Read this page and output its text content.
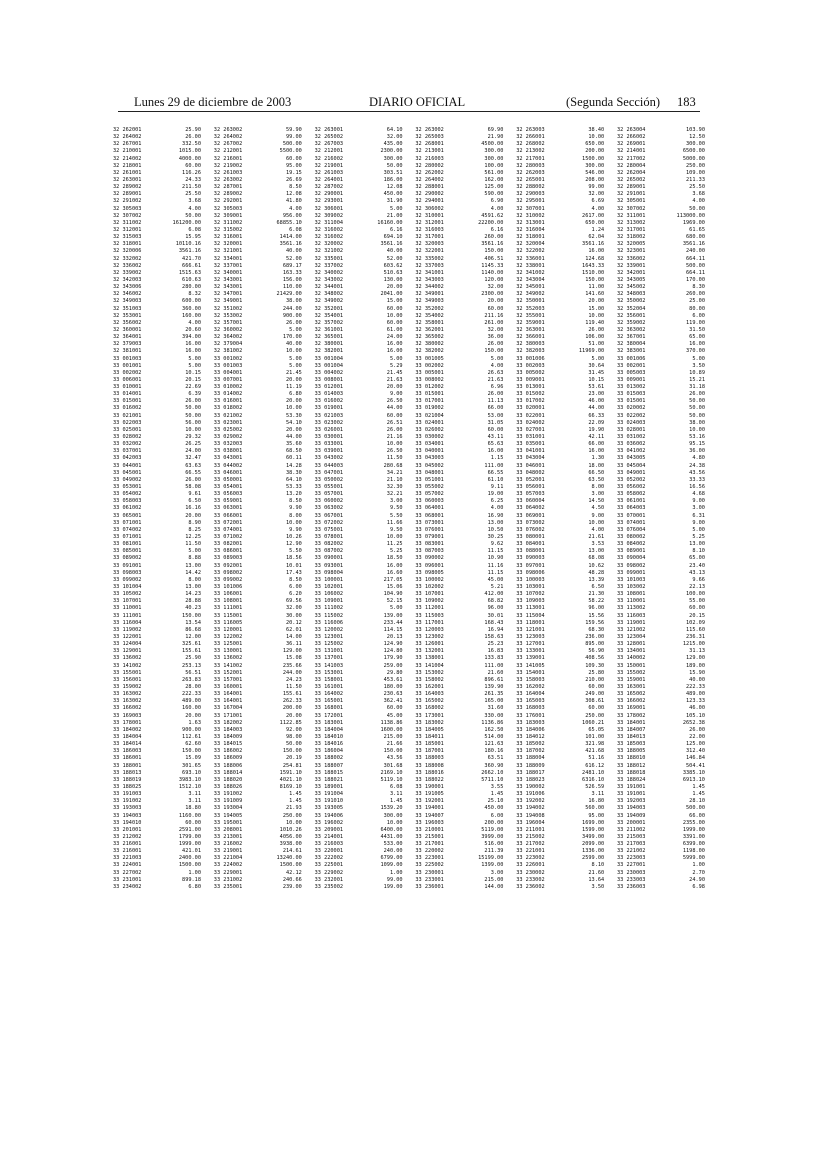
Lunes 29 de diciembre de 2003	DIARIO OFICIAL	(Segunda Sección) 183
32 262001	25.90
32 264002	26.00
32 267001	332.50
32 210001	1015.00
32 214002	4000.00
32 218001	60.00
32 261001	116.26
32 263001	24.33
32 289002	211.50
32 289001	25.50
32 291002	3.68
32 305003	4.00
32 307002	50.00
32 311002	161200.00
32 312001	6.08
32 315003	15.95
32 318001	10110.16
32 320006	3561.16
32 332002	421.70
32 336002	666.61
32 339002	1515.63
32 342003	610.63
32 343006	280.00
32 346002	8.32
32 349003	600.00
32 351003	360.00
32 353001	160.00
32 356002	4.00
32 360001	20.60
32 364001	394.00
32 379003	16.00
32 381001	16.00
33 001003	5.00
33 001001	5.00
33 002002	10.15
33 006001	20.15
33 010001	22.69
33 014001	6.39
33 015001	26.00
33 016002	50.00
33 021001	50.00
33 022003	56.00
33 025001	10.00
33 028002	29.32
33 032002	26.25
33 037001	24.00
33 042003	32.47
33 044001	63.63
33 045001	66.55
33 049002	26.00
33 053001	58.08
33 054002	9.61
33 058003	6.50
33 061002	16.16
33 065001	20.00
33 071001	8.90
33 074002	8.25
33 071001	12.25
33 081001	11.50
33 085001	5.00
33 089002	8.88
33 091001	13.00
33 098003	14.42
33 099002	8.00
33 101004	13.00
33 105002	14.23
33 107001	28.88
33 110001	40.23
33 111001	150.00
33 116004	13.54
33 119002	86.68
33 122001	12.00
33 124004	325.61
33 129001	155.61
33 136002	25.90
33 141002	253.13
33 155001	56.51
33 156001	263.83
33 159002	28.00
33 163002	222.33
33 163002	489.00
33 166002	160.00
33 169003	20.00
33 178001	1.63
33 184002	900.00
33 184004	112.61
33 184014	62.60
33 186003	150.00
33 186001	15.09
33 188001	301.65
33 188013	693.10
33 188019	3983.10
33 188025	1512.10
33 191003	3.11
33 191002	3.11
33 193003	18.80
33 194003	1160.00
33 194010	60.00
33 201001	2591.00
33 212002	1799.00
33 216001	1999.00
33 216001	421.01
33 221003	2400.00
33 224001	1500.00
33 227002	1.00
33 231001	899.18
33 234002	6.80
32 263002	59.90
32 264002	99.00
32 267002	500.00
32 212001	5500.00
32 216001	60.00
32 219002	95.00
32 261003	19.15
32 263002	26.69
32 287001	8.50
32 289002	12.08
32 292001	41.80
32 305003	4.00
32 309001	956.00
32 311002	68855.10
32 315002	6.08
32 316001	1414.00
32 320001	3561.16
32 321001	40.00
32 334001	52.00
32 337001	689.17
32 340001	163.33
32 343001	156.00
32 343001	110.00
32 347001	21429.00
32 349001	38.00
32 351002	244.00
32 353002	900.00
32 357001	26.00
32 360002	5.00
32 364002	170.00
32 379004	40.00
32 381002	10.00
33 001002	5.00
33 001003	5.00
33 004001	21.45
33 007001	20.00
33 010002	11.19
33 014002	6.80
33 016001	20.00
33 018002	10.00
33 021002	53.30
33 023001	54.10
33 025002	20.00
33 029002	44.00
33 032003	35.60
33 038001	68.50
33 043001	60.11
33 044002	14.28
33 046001	38.30
33 050001	64.10
33 054001	53.33
33 056003	13.20
33 059001	8.50
33 063001	9.90
33 066001	8.00
33 072001	10.00
33 074001	9.90
33 071002	10.26
33 082001	12.90
33 086001	5.50
33 089003	18.56
33 092001	10.01
33 098002	17.43
33 099002	8.50
33 101006	6.00
33 106001	6.20
33 108001	69.56
33 111001	32.00
33 115001	30.00
33 116005	20.12
33 120001	62.01
33 122002	14.00
33 125001	36.11
33 130001	129.00
33 136002	15.08
33 141002	235.66
33 152001	244.00
33 157001	24.23
33 160001	11.50
33 164001	155.61
33 164001	262.33
33 167004	200.00
33 171001	20.00
33 182002	1122.85
33 184003	92.00
33 184009	98.00
33 184015	50.00
33 186002	150.00
33 186009	20.19
33 188006	254.81
33 188014	1591.10
33 188020	4021.10
33 188026	8169.10
33 191002	1.45
33 191009	1.45
33 193004	21.93
33 194005	250.00
33 195001	10.00
33 208001	1010.26
33 213001	4056.00
33 216002	3938.00
33 219001	214.61
33 221004	13240.00
33 224002	1500.00
33 229001	42.12
33 231002	240.66
33 235001	239.00
32 263001	64.10
32 265002	32.00
32 267003	435.00
32 212001	2300.00
32 216002	300.00
32 219001	50.00
32 261003	303.51
32 264001	186.00
32 287002	12.08
32 290001	450.00
32 293001	31.90
32 306001	5.00
32 309002	21.00
32 311004	16160.00
32 316002	6.16
32 316002	694.10
32 320002	3561.16
32 321002	40.00
32 335001	52.00
32 337002	603.62
32 340002	510.63
32 343002	130.00
32 344001	20.00
32 348002	2041.00
32 349002	15.00
32 352001	60.00
32 354001	10.00
32 357002	60.00
32 361001	61.00
32 365001	24.00
32 380001	16.00
32 382001	16.00
33 001004	5.00
33 001004	5.29
33 004002	21.45
33 008001	21.63
33 012001	20.00
33 014003	9.00
33 016002	26.50
33 019001	44.00
33 021003	60.00
33 023002	26.51
33 026001	26.00
33 030001	21.16
33 033001	10.00
33 039001	26.50
33 043002	11.50
33 044003	280.68
33 047001	34.21
33 050002	21.10
33 055001	32.30
33 057001	32.21
33 060002	3.00
33 063002	9.50
33 067001	5.50
33 072002	11.66
33 075001	9.50
33 078001	10.00
33 082002	11.25
33 087002	5.25
33 090001	18.50
33 093001	16.00
33 098004	16.60
33 100001	217.05
33 102001	15.06
33 106002	104.90
33 109001	52.15
33 111002	5.00
33 115002	139.00
33 116006	233.44
33 120002	114.15
33 123001	20.13
33 125002	124.90
33 131001	124.80
33 137001	179.90
33 141003	259.00
33 153001	29.80
33 158001	453.61
33 161001	180.00
33 164002	230.63
33 165001	362.41
33 168001	60.00
33 172001	45.00
33 183001	1138.86
33 184004	1600.00
33 184010	215.00
33 184016	21.66
33 186004	150.00
33 188002	43.56
33 188007	301.68
33 188015	2169.10
33 188021	5119.10
33 189001	6.08
33 191004	3.11
33 191010	1.45
33 193005	1539.20
33 194006	300.00
33 196002	10.00
33 209001	6400.00
33 214001	4431.00
33 216003	533.00
33 220001	240.00
33 222002	6799.00
33 225001	1099.00
33 229002	1.00
33 232001	99.00
33 235002	199.00
32 263002	69.90
32 265003	21.90
32 268001	4500.00
32 213001	300.00
32 216003	300.00
32 280002	100.00
32 262002	561.00
32 264002	162.00
32 288001	125.00
32 290002	590.00
32 294001	6.90
32 306002	4.00
32 310001	4591.62
32 312001	22200.00
32 316003	6.16
32 317001	260.00
32 320003	3561.16
32 322001	150.00
32 335002	406.51
32 337003	1145.33
32 341001	1140.00
32 343003	120.00
32 344002	32.00
32 349001	2300.00
32 349003	20.00
32 352002	60.00
32 354002	211.16
32 358001	261.00
32 362001	32.00
32 365002	36.00
32 380002	26.00
32 382002	150.00
33 001005	5.00
33 002002	4.00
33 005001	26.63
33 008002	21.63
33 012002	6.96
33 015001	26.00
33 017001	11.13
33 019002	66.00
33 021004	53.00
33 024001	31.05
33 026002	60.00
33 030002	43.11
33 034001	65.63
33 040001	16.00
33 043003	1.15
33 045002	111.00
33 048001	66.55
33 051001	61.10
33 055002	9.11
33 057002	19.00
33 060003	6.25
33 064001	4.00
33 068001	16.90
33 073001	13.00
33 076001	10.50
33 079001	30.25
33 083001	9.62
33 087003	11.15
33 090002	10.90
33 096001	11.16
33 098005	11.15
33 100002	45.00
33 102002	5.21
33 107001	412.00
33 109002	68.82
33 112001	96.00
33 115003	30.01
33 117001	168.43
33 120003	16.94
33 123002	158.63
33 126001	25.23
33 132001	16.83
33 138001	133.83
33 141004	111.00
33 153002	21.60
33 158002	896.61
33 162001	139.90
33 164003	261.35
33 165002	165.00
33 168002	31.60
33 173001	330.00
33 183002	1136.86
33 184005	162.50
33 184011	514.00
33 185001	121.63
33 187001	180.16
33 188003	63.51
33 188008	360.90
33 188016	2662.10
33 188022	5711.10
33 190001	3.55
33 191005	1.45
33 192001	25.10
33 194001	450.00
33 194007	6.00
33 196003	200.00
33 210001	5119.00
33 215001	3999.00
33 217001	516.00
33 220002	211.39
33 223001	15199.00
33 225002	1399.00
33 230001	3.00
33 233001	215.00
33 236001	144.00
32 263003	38.40
32 266001	10.00
32 268002	650.00
32 213002	200.00
32 217001	1500.00
32 280003	300.00
32 262003	546.00
32 265001	208.00
32 288002	99.00
32 290003	32.00
32 295001	6.69
32 307001	4.00
32 310002	2617.00
32 313001	650.00
32 316004	1.24
32 318001	62.04
32 320004	3561.16
32 322002	16.00
32 336001	124.68
32 338001	1643.33
32 341002	1510.00
32 343004	150.00
32 345001	11.00
32 349002	141.60
32 350001	20.00
32 352003	15.00
32 355001	10.00
32 359001	119.40
32 363001	26.00
32 366001	106.00
32 380003	51.00
32 382003	11969.00
33 001006	5.00
33 002003	30.64
33 005002	31.45
33 009001	10.15
33 013001	53.61
33 015002	23.00
33 017002	46.00
33 020001	44.00
33 022001	66.33
33 024002	22.09
33 027001	19.90
33 031001	42.11
33 035001	66.00
33 041001	16.00
33 043004	1.30
33 046001	18.00
33 048002	66.50
33 052001	63.50
33 056001	8.00
33 057003	3.00
33 060004	14.50
33 064002	4.50
33 069001	9.00
33 073002	10.00
33 076002	4.00
33 080001	21.61
33 084001	3.53
33 088001	13.00
33 090003	68.08
33 097001	10.62
33 098006	48.28
33 100003	13.39
33 103001	6.50
33 107002	21.30
33 109003	58.22
33 113001	96.00
33 115004	15.56
33 118001	159.56
33 121001	68.30
33 123003	236.00
33 127001	895.00
33 133001	56.90
33 139001	408.56
33 141005	109.30
33 154001	25.80
33 158003	210.00
33 162002	60.00
33 164004	249.00
33 165003	308.61
33 168003	60.00
33 176001	250.00
33 183003	1060.21
33 184006	65.05
33 184012	101.00
33 185002	321.98
33 187002	421.68
33 188004	51.16
33 188009	616.12
33 188017	2481.10
33 188023	6316.10
33 190002	526.59
33 191006	3.11
33 192002	16.80
33 194002	560.00
33 194008	95.00
33 196004	1699.00
33 211001	1599.00
33 215002	3499.00
33 217002	2099.00
33 221001	1336.00
33 223002	2599.00
33 226001	8.10
33 230002	21.60
33 233002	13.64
33 236002	3.50
32 263004	103.90
32 266002	12.50
32 269001	300.00
32 214001	6500.00
32 217002	5000.00
32 280004	250.00
32 262004	109.00
32 265002	211.33
32 289001	25.50
32 291001	3.68
32 305001	4.00
32 307002	50.00
32 311001	113000.00
32 313002	1969.00
32 317001	61.65
32 318002	680.00
32 320005	3561.16
32 323001	240.00
32 336002	664.11
32 339001	500.00
32 342001	664.11
32 343005	170.00
32 345002	8.30
32 348003	260.00
32 350002	25.00
32 352004	80.00
32 356001	6.00
32 359002	119.00
32 363002	31.50
32 367001	65.00
32 380004	16.00
32 383001	370.00
33 001006	5.00
33 002001	3.50
33 005003	10.89
33 009001	15.21
33 013002	31.18
33 015003	26.00
33 015001	50.00
33 020002	50.00
33 022002	50.00
33 024003	38.00
33 028001	10.00
33 031002	53.16
33 036002	95.15
33 041002	36.00
33 043005	4.80
33 045004	24.38
33 049001	43.56
33 052002	33.33
33 056002	16.56
33 058002	4.68
33 061001	9.00
33 064003	3.00
33 070001	6.31
33 074001	9.00
33 076004	5.00
33 080002	5.25
33 084002	13.00
33 089001	8.10
33 090004	65.00
33 098002	23.40
33 099001	43.13
33 101003	9.66
33 103002	22.13
33 108001	100.00
33 110001	55.00
33 113002	60.00
33 116003	20.15
33 119001	102.09
33 121002	115.60
33 123004	236.31
33 128001	1215.00
33 134001	31.13
33 140002	129.00
33 150001	189.00
33 155002	15.90
33 159001	40.00
33 163001	222.33
33 165002	489.00
33 166002	123.33
33 169001	46.00
33 178002	105.10
33 184001	2652.38
33 184007	26.00
33 184013	22.00
33 185003	125.00
33 188005	312.40
33 188010	146.84
33 188012	504.41
33 188018	3385.10
33 188024	6913.10
33 191001	1.45
33 191001	1.45
33 192003	28.10
33 194003	500.00
33 194009	66.00
33 200001	2355.00
33 211002	1999.00
33 215003	3391.00
33 217003	6399.00
33 221002	1198.00
33 223003	5999.00
33 227001	1.00
33 230003	2.70
33 233003	24.90
33 236003	6.98
